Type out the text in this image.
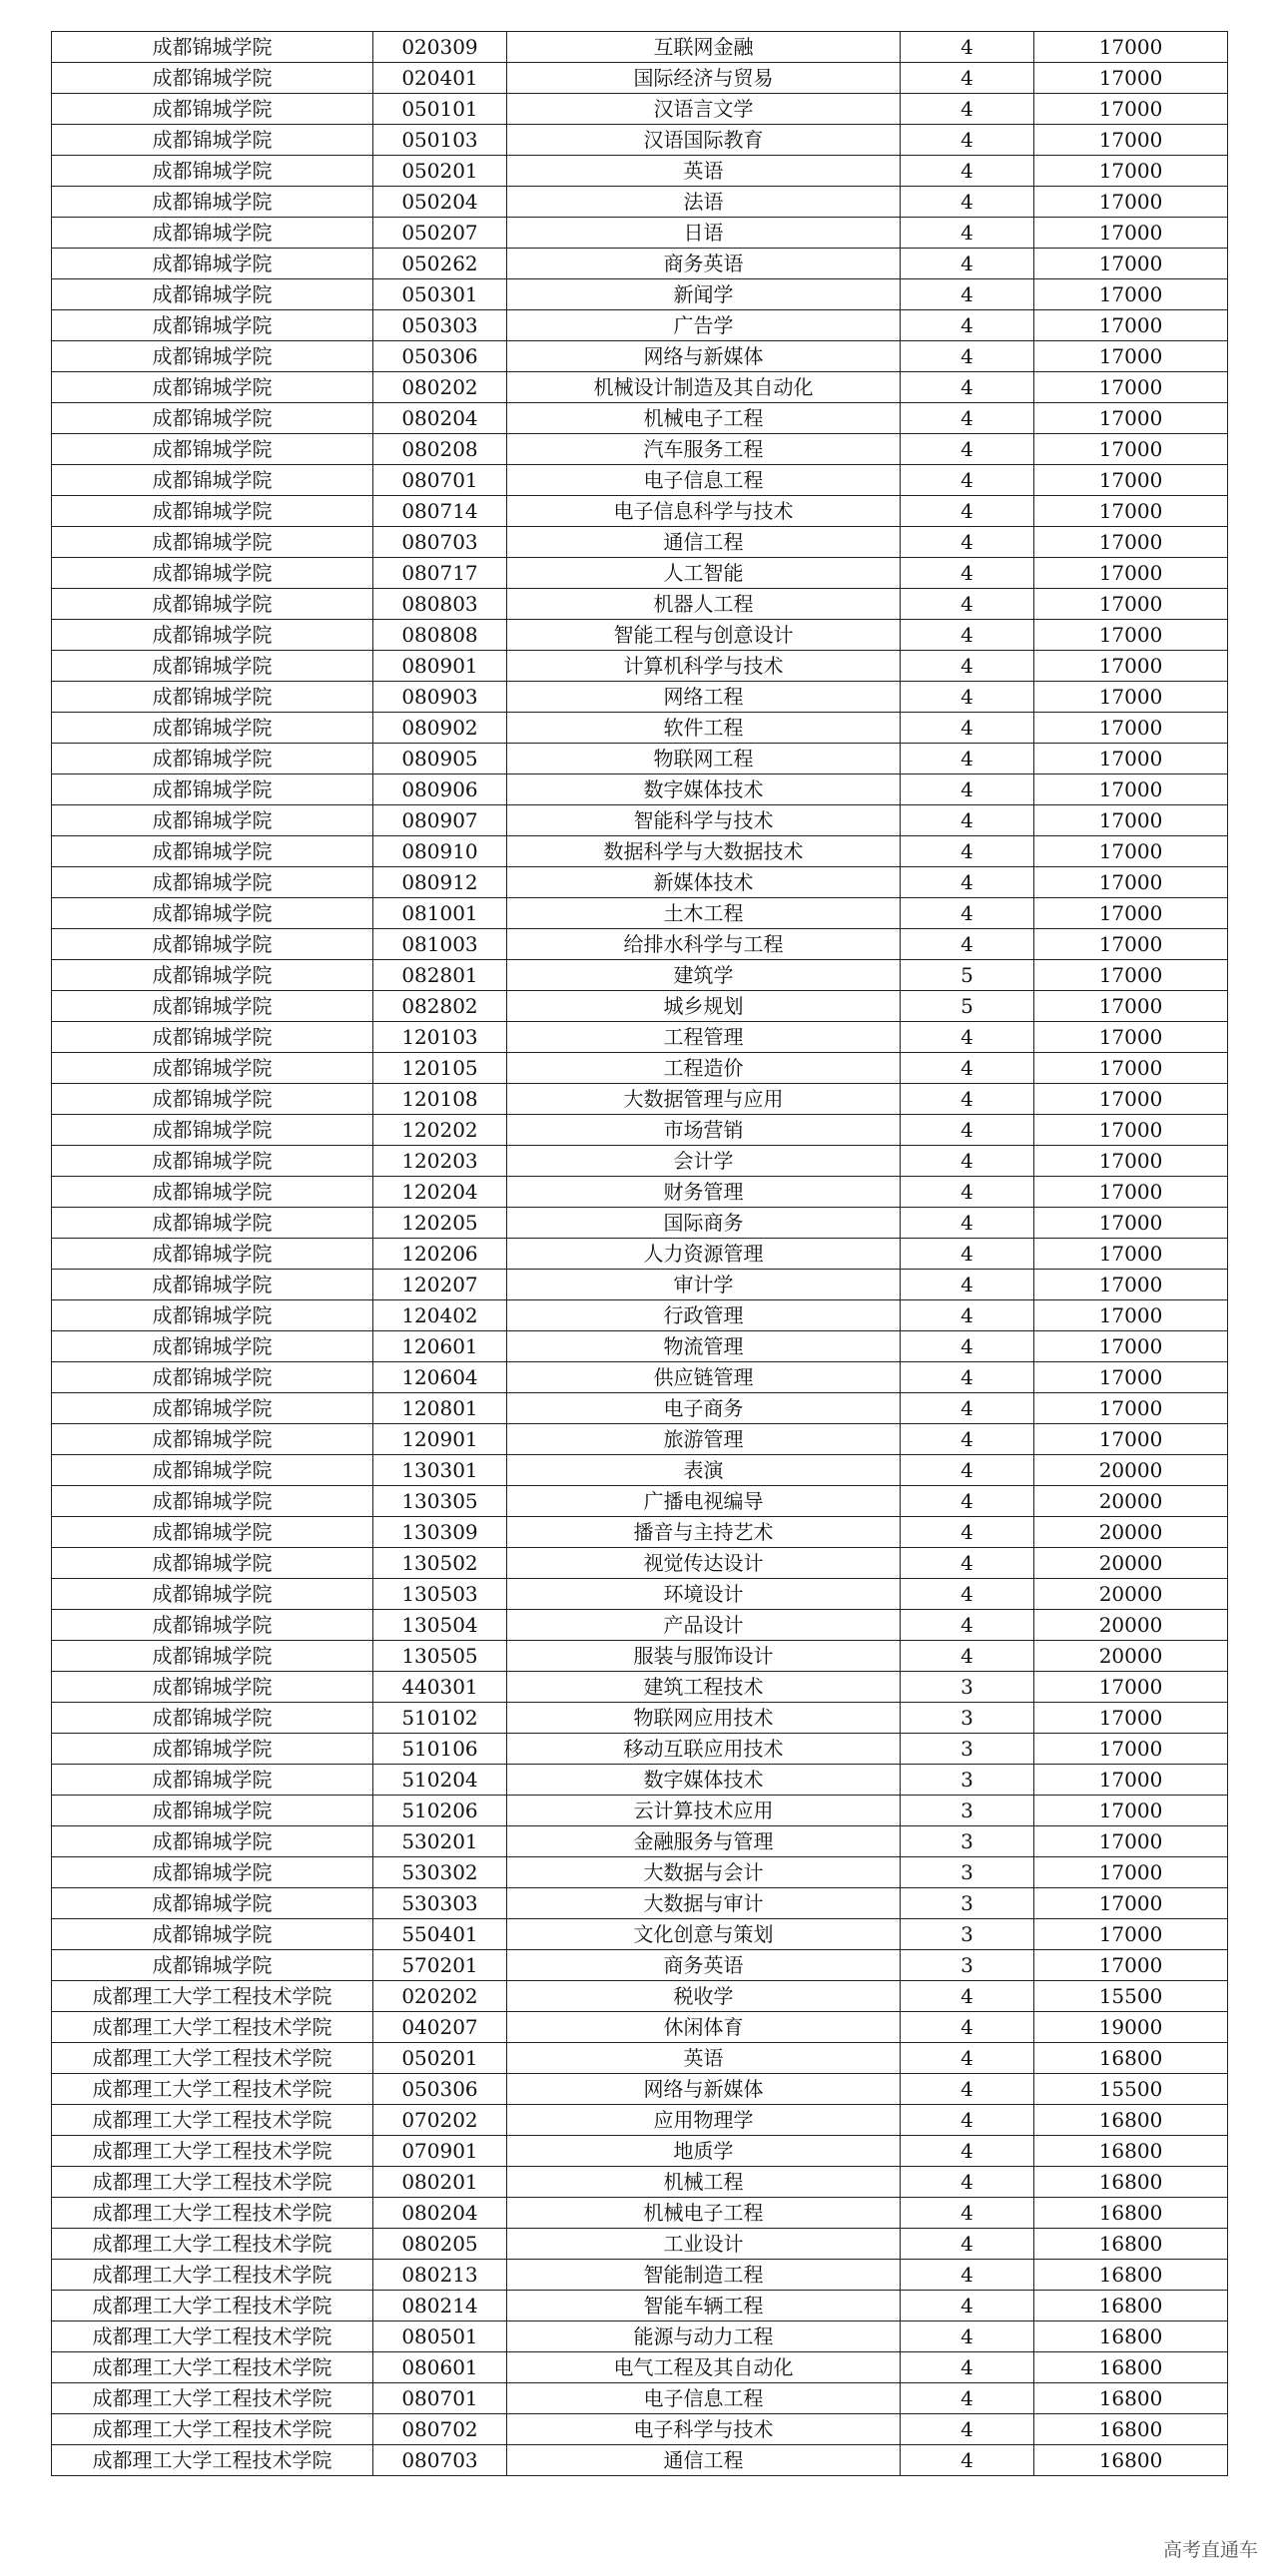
成都锦城学院	020309	互联网金融	4	17000
成都锦城学院	020401	国际经济与贸易	4	17000
成都锦城学院	050101	汉语言文学	4	17000
成都锦城学院	050103	汉语国际教育	4	17000
成都锦城学院	050201	英语	4	17000
成都锦城学院	050204	法语	4	17000
成都锦城学院	050207	日语	4	17000
成都锦城学院	050262	商务英语	4	17000
成都锦城学院	050301	新闻学	4	17000
成都锦城学院	050303	广告学	4	17000
成都锦城学院	050306	网络与新媒体	4	17000
成都锦城学院	080202	机械设计制造及其自动化	4	17000
成都锦城学院	080204	机械电子工程	4	17000
成都锦城学院	080208	汽车服务工程	4	17000
成都锦城学院	080701	电子信息工程	4	17000
成都锦城学院	080714	电子信息科学与技术	4	17000
成都锦城学院	080703	通信工程	4	17000
成都锦城学院	080717	人工智能	4	17000
成都锦城学院	080803	机器人工程	4	17000
成都锦城学院	080808	智能工程与创意设计	4	17000
成都锦城学院	080901	计算机科学与技术	4	17000
成都锦城学院	080903	网络工程	4	17000
成都锦城学院	080902	软件工程	4	17000
成都锦城学院	080905	物联网工程	4	17000
成都锦城学院	080906	数字媒体技术	4	17000
成都锦城学院	080907	智能科学与技术	4	17000
成都锦城学院	080910	数据科学与大数据技术	4	17000
成都锦城学院	080912	新媒体技术	4	17000
成都锦城学院	081001	土木工程	4	17000
成都锦城学院	081003	给排水科学与工程	4	17000
成都锦城学院	082801	建筑学	5	17000
成都锦城学院	082802	城乡规划	5	17000
成都锦城学院	120103	工程管理	4	17000
成都锦城学院	120105	工程造价	4	17000
成都锦城学院	120108	大数据管理与应用	4	17000
成都锦城学院	120202	市场营销	4	17000
成都锦城学院	120203	会计学	4	17000
成都锦城学院	120204	财务管理	4	17000
成都锦城学院	120205	国际商务	4	17000
成都锦城学院	120206	人力资源管理	4	17000
成都锦城学院	120207	审计学	4	17000
成都锦城学院	120402	行政管理	4	17000
成都锦城学院	120601	物流管理	4	17000
成都锦城学院	120604	供应链管理	4	17000
成都锦城学院	120801	电子商务	4	17000
成都锦城学院	120901	旅游管理	4	17000
成都锦城学院	130301	表演	4	20000
成都锦城学院	130305	广播电视编导	4	20000
成都锦城学院	130309	播音与主持艺术	4	20000
成都锦城学院	130502	视觉传达设计	4	20000
成都锦城学院	130503	环境设计	4	20000
成都锦城学院	130504	产品设计	4	20000
成都锦城学院	130505	服装与服饰设计	4	20000
成都锦城学院	440301	建筑工程技术	3	17000
成都锦城学院	510102	物联网应用技术	3	17000
成都锦城学院	510106	移动互联应用技术	3	17000
成都锦城学院	510204	数字媒体技术	3	17000
成都锦城学院	510206	云计算技术应用	3	17000
成都锦城学院	530201	金融服务与管理	3	17000
成都锦城学院	530302	大数据与会计	3	17000
成都锦城学院	530303	大数据与审计	3	17000
成都锦城学院	550401	文化创意与策划	3	17000
成都锦城学院	570201	商务英语	3	17000
成都理工大学工程技术学院	020202	税收学	4	15500
成都理工大学工程技术学院	040207	休闲体育	4	19000
成都理工大学工程技术学院	050201	英语	4	16800
成都理工大学工程技术学院	050306	网络与新媒体	4	15500
成都理工大学工程技术学院	070202	应用物理学	4	16800
成都理工大学工程技术学院	070901	地质学	4	16800
成都理工大学工程技术学院	080201	机械工程	4	16800
成都理工大学工程技术学院	080204	机械电子工程	4	16800
成都理工大学工程技术学院	080205	工业设计	4	16800
成都理工大学工程技术学院	080213	智能制造工程	4	16800
成都理工大学工程技术学院	080214	智能车辆工程	4	16800
成都理工大学工程技术学院	080501	能源与动力工程	4	16800
成都理工大学工程技术学院	080601	电气工程及其自动化	4	16800
成都理工大学工程技术学院	080701	电子信息工程	4	16800
成都理工大学工程技术学院	080702	电子科学与技术	4	16800
成都理工大学工程技术学院	080703	通信工程	4	16800
高考直通车
